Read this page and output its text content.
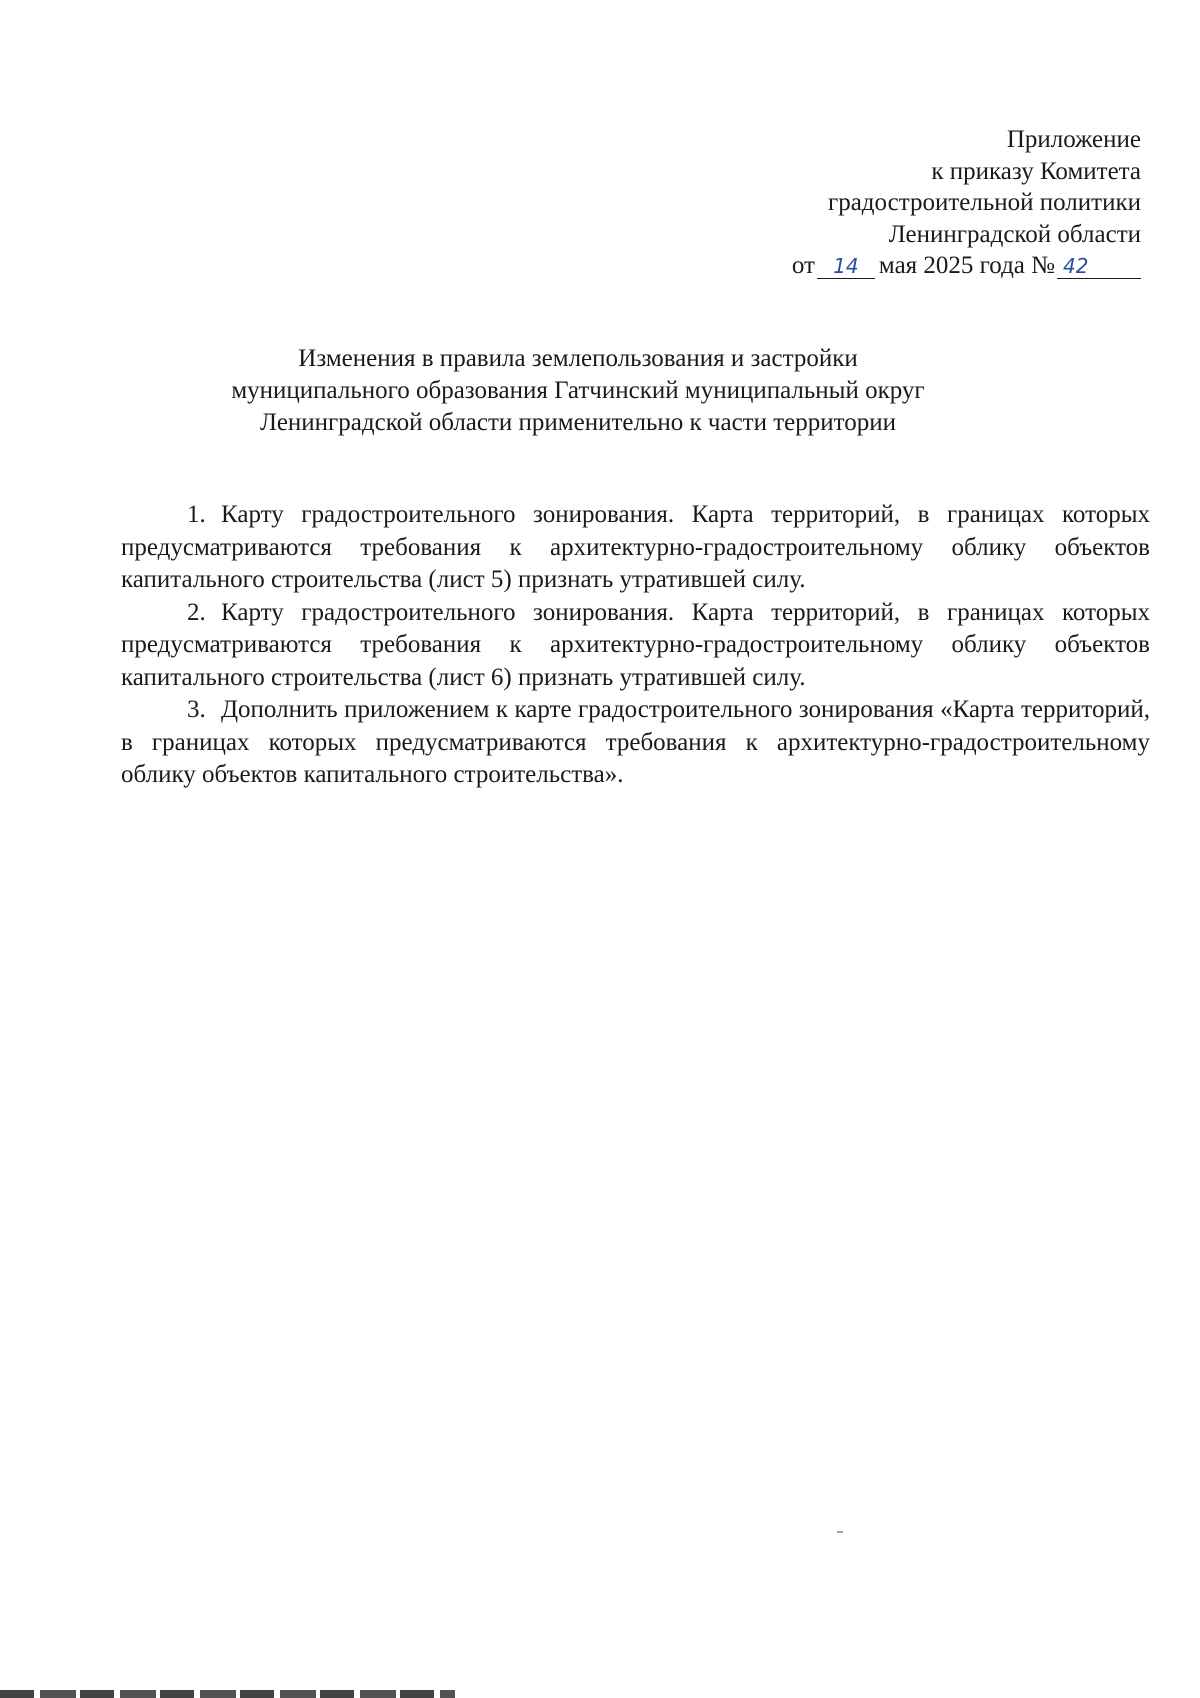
Приложение
к приказу Комитета
градостроительной политики
Ленинградской области
от 14 мая 2025 года № 42
Изменения в правила землепользования и застройки
муниципального образования Гатчинский муниципальный округ
Ленинградской области применительно к части территории

1. Карту градостроительного зонирования. Карта территорий, в границах которых предусматриваются требования к архитектурно-градостроительному облику объектов капитального строительства (лист 5) признать утратившей силу.

2. Карту градостроительного зонирования. Карта территорий, в границах которых предусматриваются требования к архитектурно-градостроительному облику объектов капитального строительства (лист 6) признать утратившей силу.

3. Дополнить приложением к карте градостроительного зонирования «Карта территорий, в границах которых предусматриваются требования к архитектурно-градостроительному облику объектов капитального строительства».
